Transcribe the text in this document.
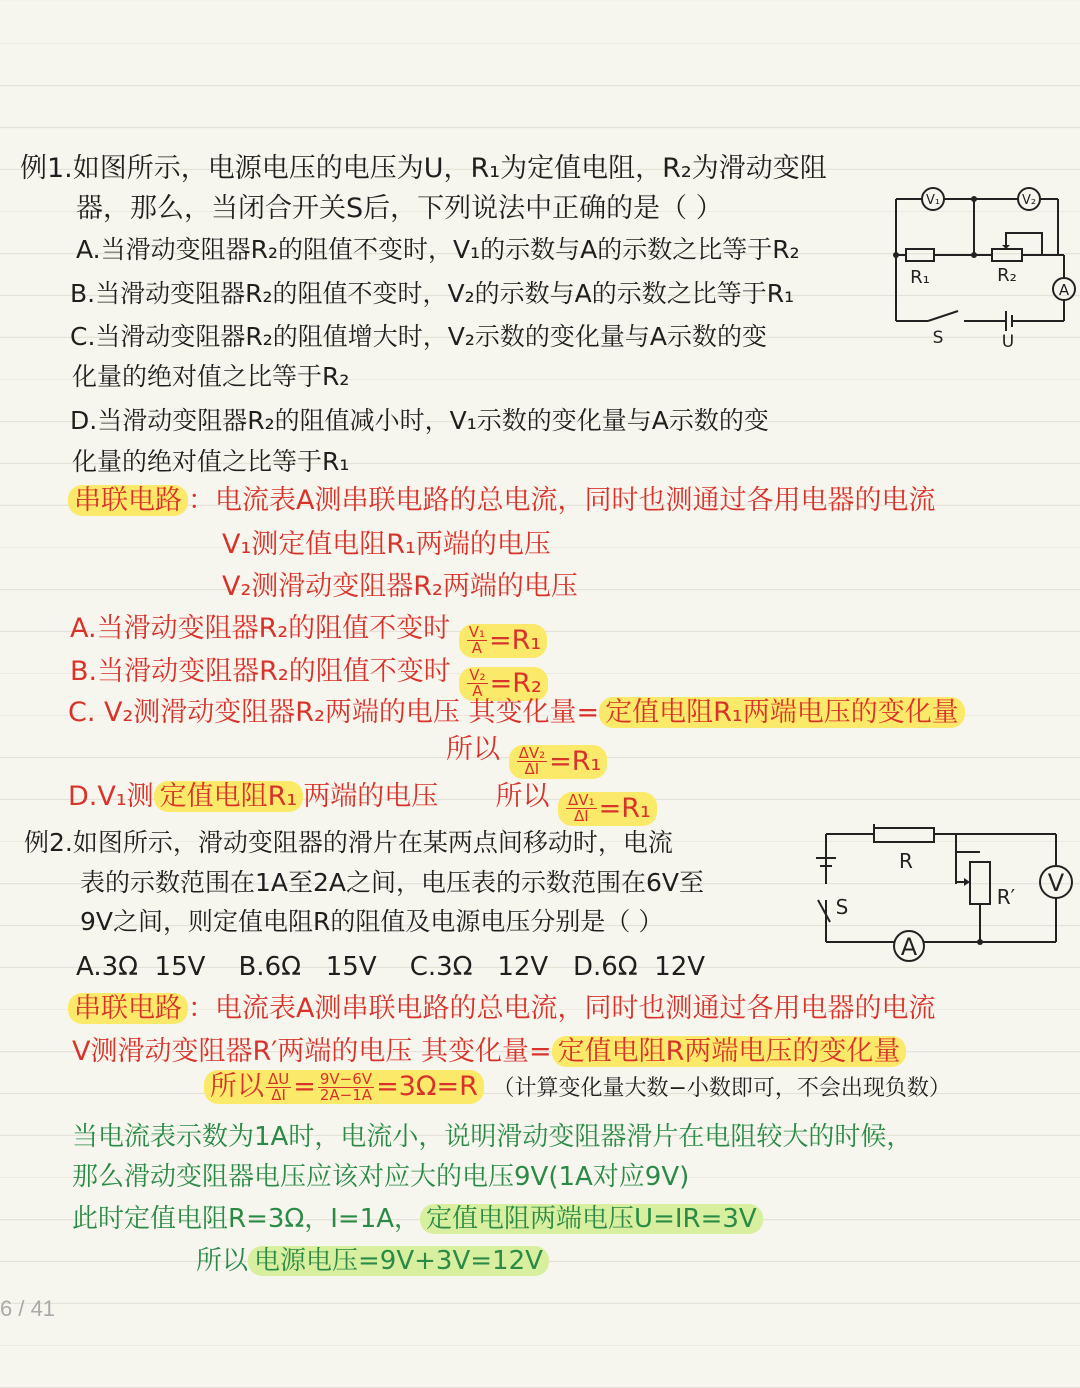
例1.如图所示，电源电压的电压为U，R₁为定值电阻，R₂为滑动变阻
器，那么，当闭合开关S后，下列说法中正确的是（ ）
A.当滑动变阻器R₂的阻值不变时，V₁的示数与A的示数之比等于R₂
B.当滑动变阻器R₂的阻值不变时，V₂的示数与A的示数之比等于R₁
C.当滑动变阻器R₂的阻值增大时，V₂示数的变化量与A示数的变
化量的绝对值之比等于R₂
D.当滑动变阻器R₂的阻值减小时，V₁示数的变化量与A示数的变
化量的绝对值之比等于R₁
V₁	V₂
R₁	R₂
A
S	U
串联电路 ：电流表A测串联电路的总电流，同时也测通过各用电器的电流
V₁测定值电阻R₁两端的电压
V₂测滑动变阻器R₂两端的电压
A.当滑动变阻器R₂的阻值不变时 $\frac{\text{V₁}}{A} =R_1$
B.当滑动变阻器R₂的阻值不变时 $\frac{\text{V₂}}{A} =R_2$
C. V₂测滑动变阻器R₂两端的电压 其变化量= 定值电阻R₁两端电压的变化量
所以 $\frac{\text{ΔV₂}}{\Delta I} =R_1$
D.V₁测 定值电阻R₁ 两端的电压 所以 $\frac{\text{ΔV₁}}{\Delta I} =R_1$
例2.如图所示，滑动变阻器的滑片在某两点间移动时，电流
表的示数范围在1A至2A之间，电压表的示数范围在6V至
9V之间，则定值电阻R的阻值及电源电压分别是（ ）
A.3Ω  15V    B.6Ω   15V    C.3Ω   12V   D.6Ω  12V
R
R′ V
A
S
串联电路 ：电流表A测串联电路的总电流，同时也测通过各用电器的电流
V测滑动变阻器R′两端的电压 其变化量= 定值电阻R两端电压的变化量
所以 $\frac{\Delta U}{\Delta I} = \frac{9V-6V}{2A-1A} =3\Omega=R$ （计算变化量大数−小数即可，不会出现负数）
当电流表示数为1A时，电流小，说明滑动变阻器滑片在电阻较大的时候，
那么滑动变阻器电压应该对应大的电压9V(1A对应9V)
此时定值电阻R=3Ω，I=1A， 定值电阻两端电压U=IR=3V
所以 电源电压=9V+3V=12V
6 / 41
